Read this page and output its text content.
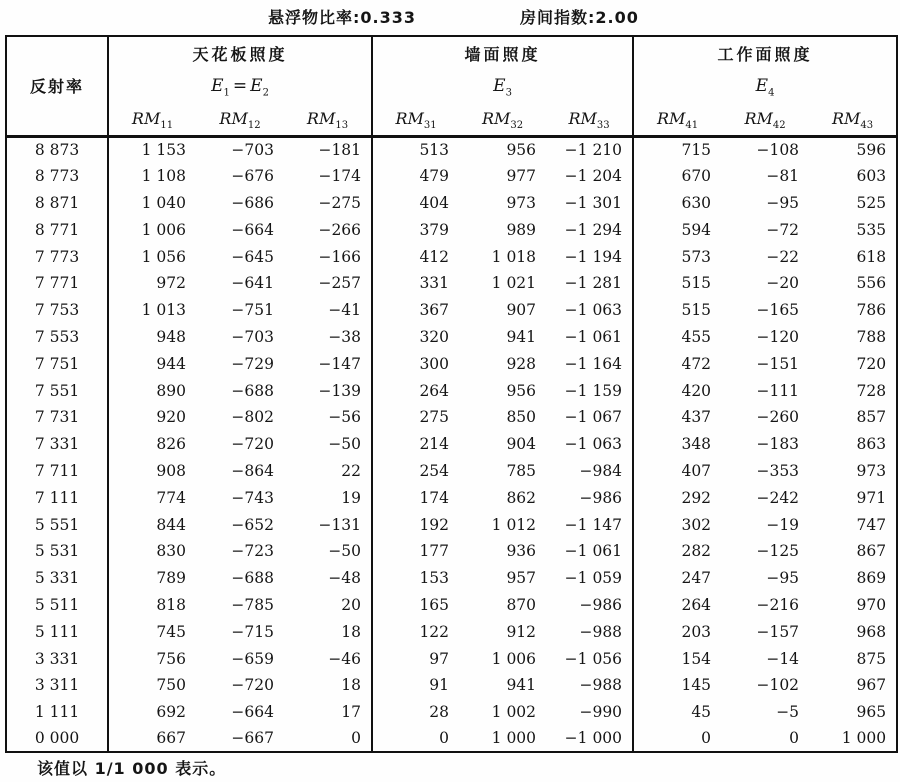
悬浮物比率:0.333	房间指数:2.00
反射率	天花板照度			墙面照度			工作面照度		
	$E_1 = E_2$			$E_3$			$E_4$
	$RM_{11}$	$RM_{12}$	$RM_{13}$	$RM_{31}$	$RM_{32}$	$RM_{33}$	$RM_{41}$	$RM_{42}$	$RM_{43}$
8 873	1 153	−703	−181	513	956	−1 210	715	−108	596
8 773	1 108	−676	−174	479	977	−1 204	670	−81	603
8 871	1 040	−686	−275	404	973	−1 301	630	−95	525
8 771	1 006	−664	−266	379	989	−1 294	594	−72	535
7 773	1 056	−645	−166	412	1 018	−1 194	573	−22	618
7 771	972	−641	−257	331	1 021	−1 281	515	−20	556
7 753	1 013	−751	−41	367	907	−1 063	515	−165	786
7 553	948	−703	−38	320	941	−1 061	455	−120	788
7 751	944	−729	−147	300	928	−1 164	472	−151	720
7 551	890	−688	−139	264	956	−1 159	420	−111	728
7 731	920	−802	−56	275	850	−1 067	437	−260	857
7 331	826	−720	−50	214	904	−1 063	348	−183	863
7 711	908	−864	22	254	785	−984	407	−353	973
7 111	774	−743	19	174	862	−986	292	−242	971
5 551	844	−652	−131	192	1 012	−1 147	302	−19	747
5 531	830	−723	−50	177	936	−1 061	282	−125	867
5 331	789	−688	−48	153	957	−1 059	247	−95	869
5 511	818	−785	20	165	870	−986	264	−216	970
5 111	745	−715	18	122	912	−988	203	−157	968
3 331	756	−659	−46	97	1 006	−1 056	154	−14	875
3 311	750	−720	18	91	941	−988	145	−102	967
1 111	692	−664	17	28	1 002	−990	45	−5	965
0 000	667	−667	0	0	1 000	−1 000	0	0	1 000
该值以 1/1 000 表示。
